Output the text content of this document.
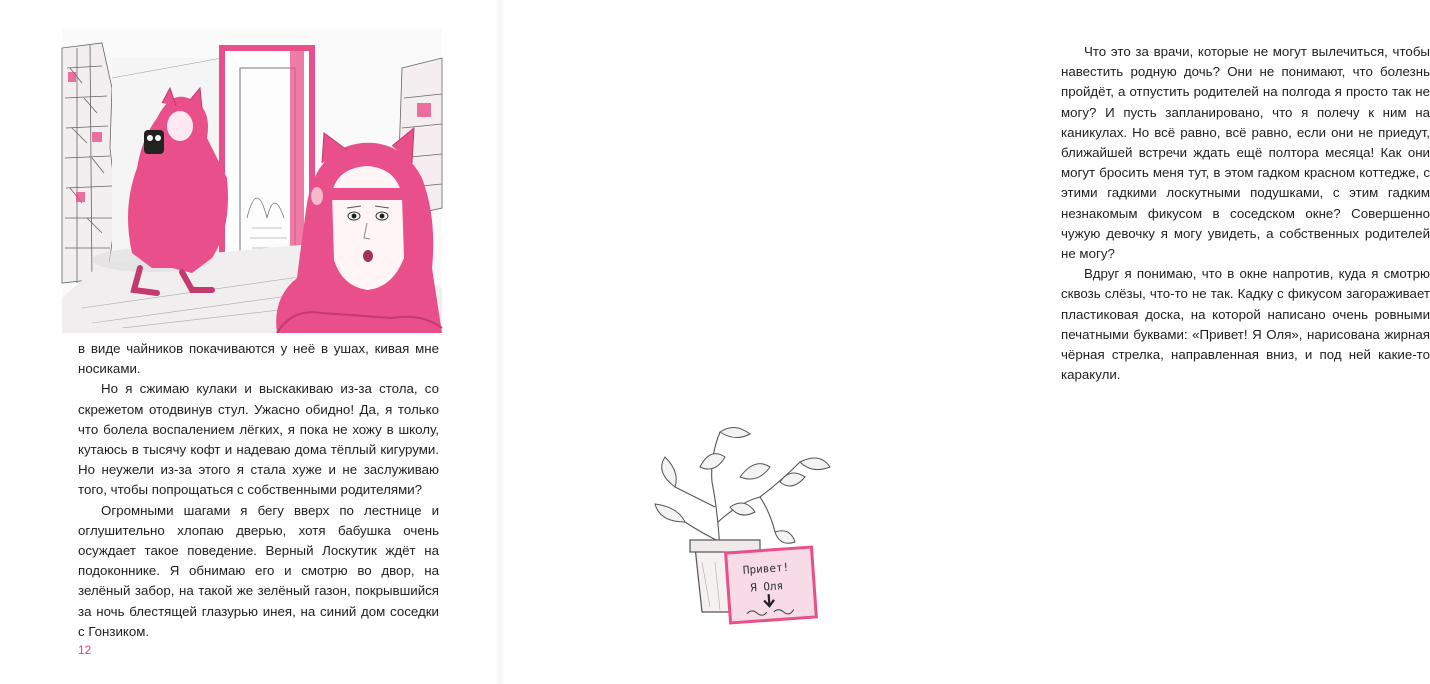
в виде чайников покачиваются у неё в ушах, кивая мне носиками.

Но я сжимаю кулаки и выскакиваю из-за стола, со скрежетом отодвинув стул. Ужасно обидно! Да, я только что болела воспалением лёгких, я пока не хожу в школу, кутаюсь в тысячу кофт и надеваю дома тёплый кигуруми. Но неужели из-за этого я стала хуже и не заслуживаю того, чтобы попрощаться с собственными родителями?

Огромными шагами я бегу вверх по лестнице и оглушительно хлопаю дверью, хотя бабушка очень осуждает такое поведение. Верный Лоскутик ждёт на подоконнике. Я обнимаю его и смотрю во двор, на зелёный забор, на такой же зелёный газон, покрывшийся за ночь блестящей глазурью инея, на синий дом соседки с Гонзиком.

12

Что это за врачи, которые не могут вылечиться, чтобы навестить родную дочь? Они не понимают, что болезнь пройдёт, а отпустить родителей на полгода я просто так не могу? И пусть запланировано, что я полечу к ним на каникулах. Но всё равно, всё равно, если они не приедут, ближайшей встречи ждать ещё полтора месяца! Как они могут бросить меня тут, в этом гадком красном коттедже, с этими гадкими лоскутными подушками, с этим гадким незнакомым фикусом в соседском окне? Совершенно чужую девочку я могу увидеть, а собственных родителей не могу?

Вдруг я понимаю, что в окне напротив, куда я смотрю сквозь слёзы, что-то не так. Кадку с фикусом загораживает пластиковая доска, на которой написано очень ровными печатными буквами: «Привет! Я Оля», нарисована жирная чёрная стрелка, направленная вниз, и под ней какие-то каракули.

Привет!
Я Оля
